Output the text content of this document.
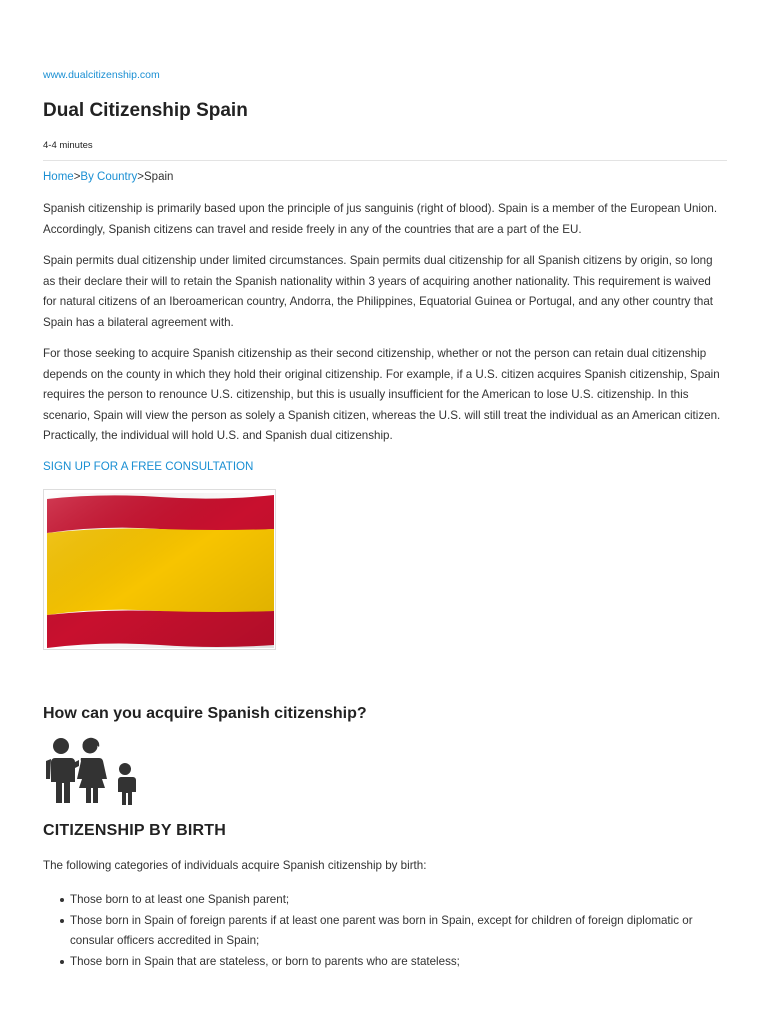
www.dualcitizenship.com
Dual Citizenship Spain
4-4 minutes
Home>By Country>Spain

Spanish citizenship is primarily based upon the principle of jus sanguinis (right of blood). Spain is a member of the European Union. Accordingly, Spanish citizens can travel and reside freely in any of the countries that are a part of the EU.

Spain permits dual citizenship under limited circumstances. Spain permits dual citizenship for all Spanish citizens by origin, so long as their declare their will to retain the Spanish nationality within 3 years of acquiring another nationality. This requirement is waived for natural citizens of an Iberoamerican country, Andorra, the Philippines, Equatorial Guinea or Portugal, and any other country that Spain has a bilateral agreement with.

For those seeking to acquire Spanish citizenship as their second citizenship, whether or not the person can retain dual citizenship depends on the county in which they hold their original citizenship. For example, if a U.S. citizen acquires Spanish citizenship, Spain requires the person to renounce U.S. citizenship, but this is usually insufficient for the American to lose U.S. citizenship. In this scenario, Spain will view the person as solely a Spanish citizen, whereas the U.S. will still treat the individual as an American citizen. Practically, the individual will hold U.S. and Spanish dual citizenship.

SIGN UP FOR A FREE CONSULTATION
How can you acquire Spanish citizenship?
CITIZENSHIP BY BIRTH

The following categories of individuals acquire Spanish citizenship by birth:

Those born to at least one Spanish parent;
Those born in Spain of foreign parents if at least one parent was born in Spain, except for children of foreign diplomatic or consular officers accredited in Spain;
Those born in Spain that are stateless, or born to parents who are stateless;
